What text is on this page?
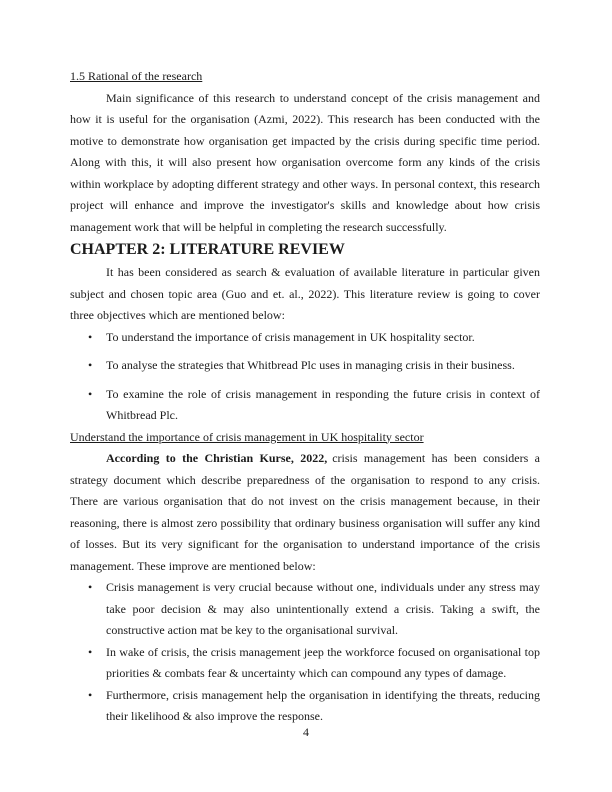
1.5 Rational of the research

Main significance of this research to understand concept of the crisis management and how it is useful for the organisation (Azmi, 2022). This research has been conducted with the motive to demonstrate how organisation get impacted by the crisis during specific time period. Along with this, it will also present how organisation overcome form any kinds of the crisis within workplace by adopting different strategy and other ways. In personal context, this research project will enhance and improve the investigator's skills and knowledge about how crisis management work that will be helpful in completing the research successfully.

CHAPTER 2: LITERATURE REVIEW

It has been considered as search & evaluation of available literature in particular given subject and chosen topic area (Guo and et. al., 2022). This literature review is going to cover three objectives which are mentioned below:

• To understand the importance of crisis management in UK hospitality sector.
• To analyse the strategies that Whitbread Plc uses in managing crisis in their business.
• To examine the role of crisis management in responding the future crisis in context of Whitbread Plc.
Understand the importance of crisis management in UK hospitality sector

According to the Christian Kurse, 2022, crisis management has been considers a strategy document which describe preparedness of the organisation to respond to any crisis. There are various organisation that do not invest on the crisis management because, in their reasoning, there is almost zero possibility that ordinary business organisation will suffer any kind of losses. But its very significant for the organisation to understand importance of the crisis management. These improve are mentioned below:

• Crisis management is very crucial because without one, individuals under any stress may take poor decision & may also unintentionally extend a crisis. Taking a swift, the constructive action mat be key to the organisational survival.
• In wake of crisis, the crisis management jeep the workforce focused on organisational top priorities & combats fear & uncertainty which can compound any types of damage.
• Furthermore, crisis management help the organisation in identifying the threats, reducing their likelihood & also improve the response.
4
